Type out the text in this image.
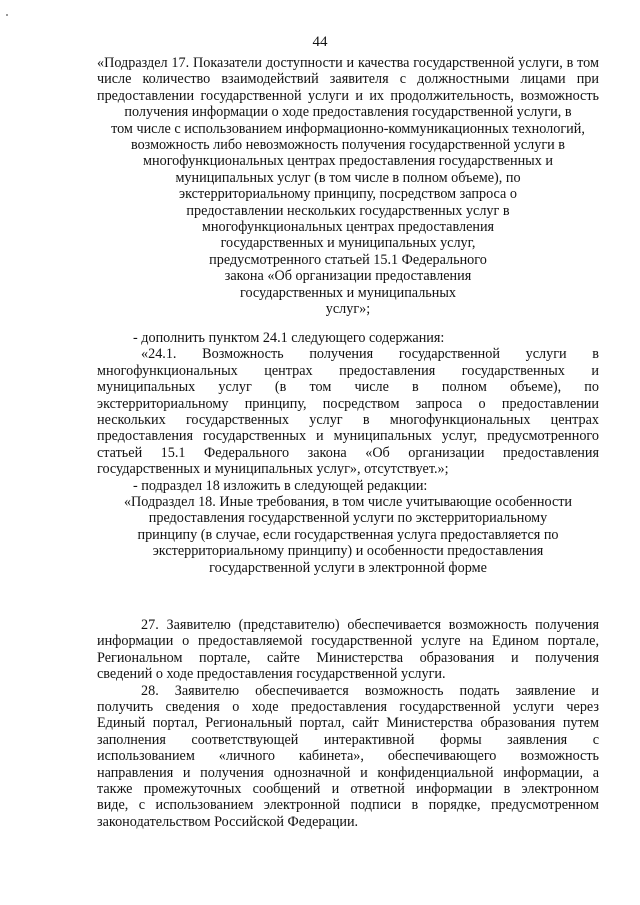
44
«Подраздел 17. Показатели доступности и качества государственной услуги, в том
числе количество взаимодействий заявителя с должностными лицами при
предоставлении государственной услуги и их продолжительность, возможность
получения информации о ходе предоставления государственной услуги, в
том числе с использованием информационно-коммуникационных технологий,
возможность либо невозможность получения государственной услуги в
многофункциональных центрах предоставления государственных и
муниципальных услуг (в том числе в полном объеме), по
экстерриториальному принципу, посредством запроса о
предоставлении нескольких государственных услуг в
многофункциональных центрах предоставления
государственных и муниципальных услуг,
предусмотренного статьей 15.1 Федерального
закона «Об организации предоставления
государственных и муниципальных
услуг»;
- дополнить пунктом 24.1 следующего содержания:
«24.1. Возможность получения государственной услуги в
многофункциональных центрах предоставления государственных и
муниципальных услуг (в том числе в полном объеме), по
экстерриториальному принципу, посредством запроса о предоставлении
нескольких государственных услуг в многофункциональных центрах
предоставления государственных и муниципальных услуг, предусмотренного
статьей 15.1 Федерального закона «Об организации предоставления
государственных и муниципальных услуг», отсутствует.»;
- подраздел 18 изложить в следующей редакции:
«Подраздел 18. Иные требования, в том числе учитывающие особенности
предоставления государственной услуги по экстерриториальному
принципу (в случае, если государственная услуга предоставляется по
экстерриториальному принципу) и особенности предоставления
государственной услуги в электронной форме
27. Заявителю (представителю) обеспечивается возможность получения
информации о предоставляемой государственной услуге на Едином портале,
Региональном портале, сайте Министерства образования и получения
сведений о ходе предоставления государственной услуги.
28. Заявителю обеспечивается возможность подать заявление и
получить сведения о ходе предоставления государственной услуги через
Единый портал, Региональный портал, сайт Министерства образования путем
заполнения соответствующей интерактивной формы заявления с
использованием «личного кабинета», обеспечивающего возможность
направления и получения однозначной и конфиденциальной информации, а
также промежуточных сообщений и ответной информации в электронном
виде, с использованием электронной подписи в порядке, предусмотренном
законодательством Российской Федерации.
